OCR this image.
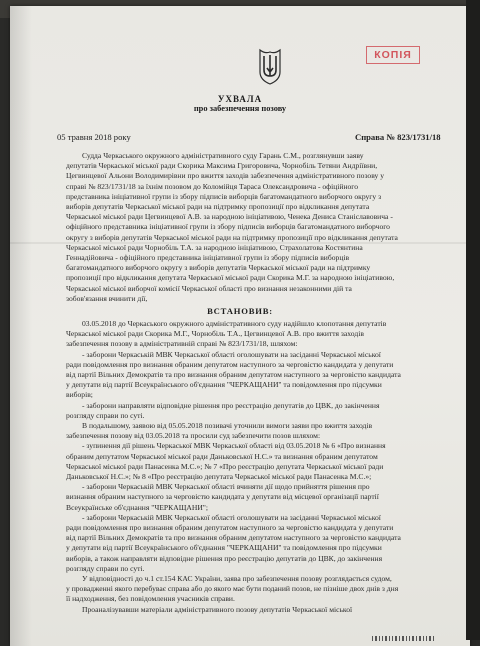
КОПІЯ
УХВАЛА
про забезпечення позову
05 травня 2018 року	Справа № 823/1731/18
Судда Черкаського окружного адміністративного суду Гарань С.М., розглянувши заяву
депутатів Черкаської міської ради Скорика Максима Григоровича, Чорнобіль Тетяни Андріївни,
Цегвинцевої Альони Володимирівни про вжиття заходів забезпечення адміністративного позову у
справі № 823/1731/18 за їхнім позовом до Коломійця Тараса Олександровича - офіційного
представника ініціативної групи із збору підписів виборців багатомандатного виборчого округу з
виборів депутатів Черкаської міської ради на підтримку пропозиції про відкликання депутата
Черкаської міської ради Цегвинцевої А.В. за народною ініціативою, Ченека Дениса Станіславовича -
офіційного представника ініціативної групи із збору підписів виборців багатомандатного виборчого
округу з виборів депутатів Черкаської міської ради на підтримку пропозиції про відкликання депутата
Черкаської міської ради Чорнобіль Т.А. за народною ініціативою, Страхолатова Костянтина
Геннадійовича - офіційного представника ініціативної групи із збору підписів виборців
багатомандатного виборчого округу з виборів депутатів Черкаської міської ради на підтримку
пропозиції про відкликання депутата Черкаської міської ради Скорика М.Г. за народною ініціативою,
Черкаської міської виборчої комісії Черкаської області про визнання незаконними дій та
зобов'язання вчинити дії,
ВСТАНОВИВ:
03.05.2018 до Черкаського окружного адміністративного суду надійшло клопотання депутатів
Черкаської міської ради Скорика М.Г., Чорнобіль Т.А., Цегвинцевої А.В. про вжиття заходів
забезпечення позову в адміністративній справі № 823/1731/18, шляхом:
- заборони Черкаській МВК Черкаської області оголошувати на засіданні Черкаської міської
ради повідомлення про визнання обраним депутатом наступного за черговістю кандидата у депутати
від партії Вільних Демократів та про визнання обраним депутатом наступного за черговістю кандидата
у депутати від партії Всеукраїнського об'єднання "ЧЕРКАЩАНИ" та повідомлення про підсумки
виборів;
- заборони направляти відповідне рішення про реєстрацію депутатів до ЦВК, до закінчення
розгляду справи по суті.
В подальшому, заявою від 05.05.2018 позивачі уточнили вимоги заяви про вжиття заходів
забезпечення позову від 03.05.2018 та просили суд забезпечити позов шляхом:
- зупинення дії рішень Черкаської МВК Черкаської області від 03.05.2018 № 6 «Про визнання
обраним депутатом Черкаської міської ради Даньковської Н.С.» та визнання обраним депутатом
Черкаської міської ради Панасенка М.С.»; № 7 «Про реєстрацію депутата Черкаської міської ради
Даньковської Н.С.»; № 8 «Про реєстрацію депутата Черкаської міської ради Панасенка М.С.»;
- заборони Черкаській МВК Черкаської області вчиняти дії щодо прийняття рішення про
визнання обраним наступного за черговістю кандидата у депутати від місцевої організації партії
Всеукраїнське об'єднання "ЧЕРКАЩАНИ";
- заборони Черкаській МВК Черкаської області оголошувати на засіданні Черкаської міської
ради повідомлення про визнання обраним депутатом наступного за черговістю кандидата у депутати
від партії Вільних Демократів та про визнання обраним депутатом наступного за черговістю кандидата
у депутати від партії Всеукраїнського об'єднання "ЧЕРКАЩАНИ" та повідомлення про підсумки
виборів, а також направляти відповідне рішення про реєстрацію депутатів до ЦВК, до закінчення
розгляду справи по суті.
У відповідності до ч.1 ст.154 КАС України, заява про забезпечення позову розглядається судом,
у провадженні якого перебуває справа або до якого має бути поданий позов, не пізніше двох днів з дня
її надходження, без повідомлення учасників справи.
Проаналізувавши матеріали адміністративного позову депутатів Черкаської міської
